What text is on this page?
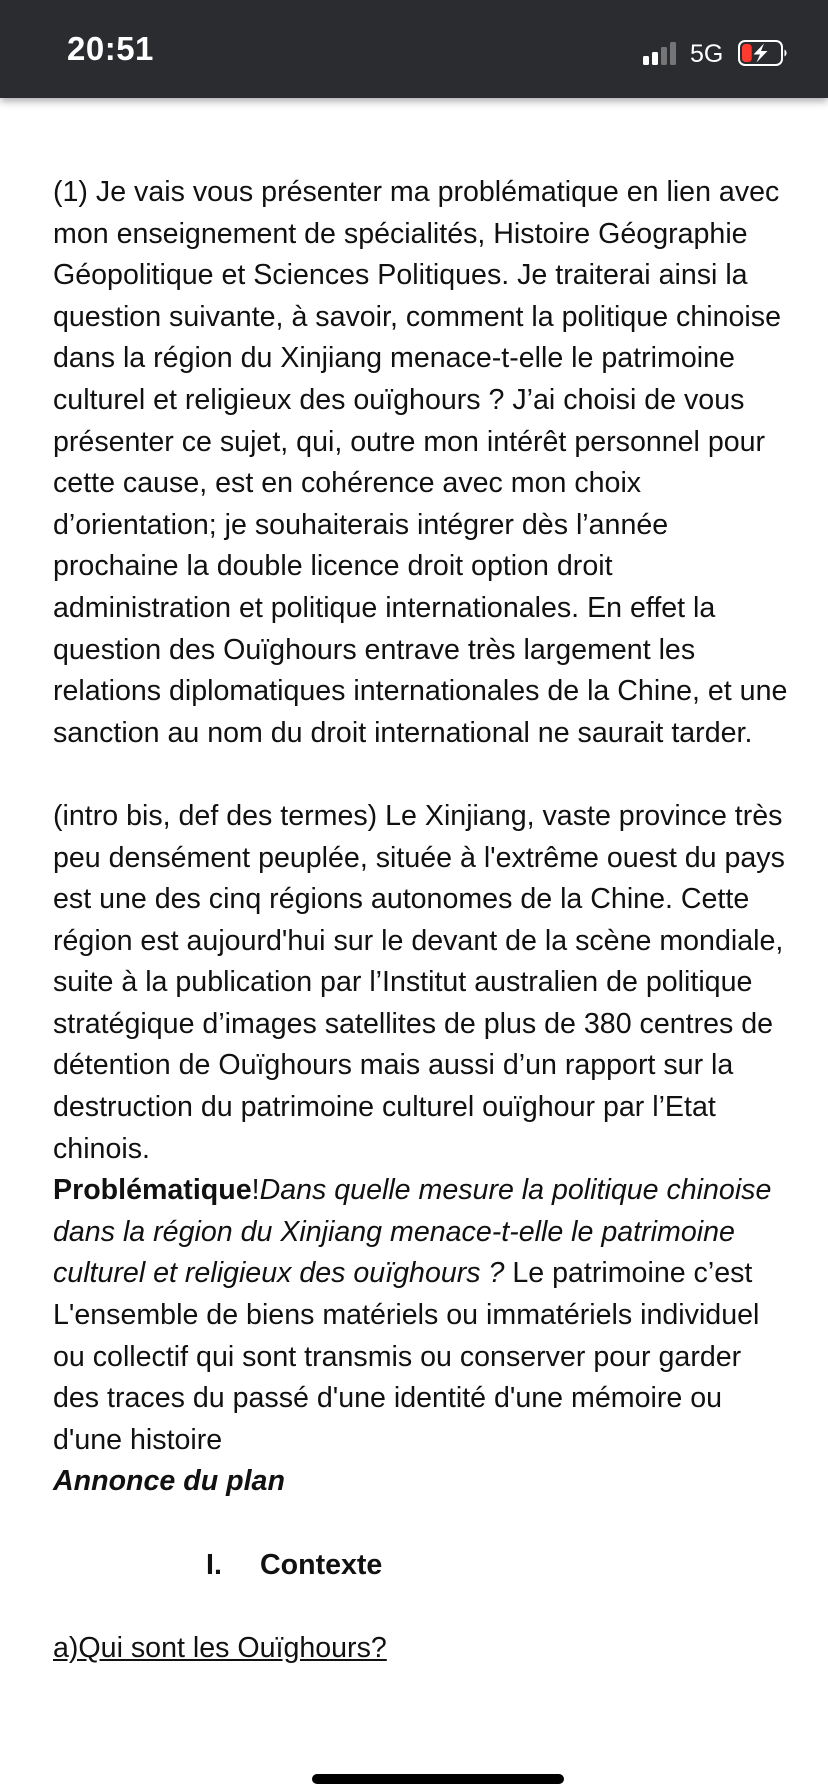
20:51	5G

(1) Je vais vous présenter ma problématique en lien avec mon enseignement de spécialités, Histoire Géographie Géopolitique et Sciences Politiques. Je traiterai ainsi la question suivante, à savoir, comment la politique chinoise dans la région du Xinjiang menace-t-elle le patrimoine culturel et religieux des ouïghours ? J’ai choisi de vous présenter ce sujet, qui, outre mon intérêt personnel pour cette cause, est en cohérence avec mon choix d’orientation; je souhaiterais intégrer dès l’année prochaine la double licence droit option droit administration et politique internationales. En effet la question des Ouïghours entrave très largement les relations diplomatiques internationales de la Chine, et une sanction au nom du droit international ne saurait tarder.

(intro bis, def des termes) Le Xinjiang, vaste province très peu densément peuplée, située à l'extrême ouest du pays est une des cinq régions autonomes de la Chine. Cette région est aujourd'hui sur le devant de la scène mondiale, suite à la publication par l’Institut australien de politique stratégique d’images satellites de plus de 380 centres de détention de Ouïghours mais aussi d’un rapport sur la destruction du patrimoine culturel ouïghour par l’Etat chinois.
Problématique!Dans quelle mesure la politique chinoise dans la région du Xinjiang menace-t-elle le patrimoine culturel et religieux des ouïghours ? Le patrimoine c’est L'ensemble de biens matériels ou immatériels individuel ou collectif qui sont transmis ou conserver pour garder des traces du passé d'une identité d'une mémoire ou d'une histoire
Annonce du plan

I. Contexte

a)Qui sont les Ouïghours?
